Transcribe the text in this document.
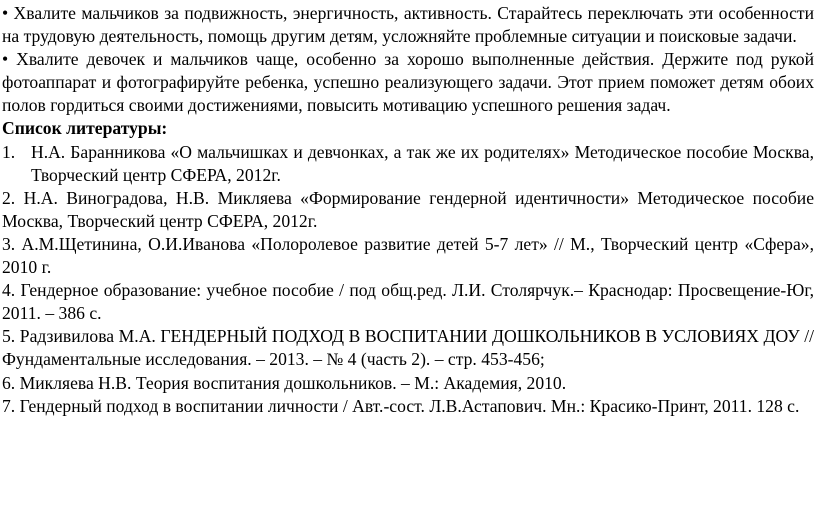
• Хвалите мальчиков за подвижность, энергичность, активность. Старайтесь переключать эти особенности на трудовую деятельность, помощь другим детям, усложняйте проблемные ситуации и поисковые задачи.

• Хвалите девочек и мальчиков чаще, особенно за хорошо выполненные действия. Держите под рукой фотоаппарат и фотографируйте ребенка, успешно реализующего задачи. Этот прием поможет детям обоих полов гордиться своими достижениями, повысить мотивацию успешного решения задач.

Список литературы:

1. Н.А. Баранникова «О мальчишках и девчонках, а так же их родителях» Методическое пособие Москва, Творческий центр СФЕРА, 2012г.

2. Н.А. Виноградова, Н.В. Микляева «Формирование гендерной идентичности» Методическое пособие Москва, Творческий центр СФЕРА, 2012г.

3. А.М.Щетинина, О.И.Иванова «Полоролевое развитие детей 5-7 лет» // М., Творческий центр «Сфера», 2010 г.

4. Гендерное образование: учебное пособие / под общ.ред. Л.И. Столярчук.– Краснодар: Просвещение-Юг, 2011. – 386 с.

5. Радзивилова М.А. ГЕНДЕРНЫЙ ПОДХОД В ВОСПИТАНИИ ДОШКОЛЬНИКОВ В УСЛОВИЯХ ДОУ // Фундаментальные исследования. – 2013. – № 4 (часть 2). – стр. 453-456;

6. Микляева Н.В. Теория воспитания дошкольников. – М.: Академия, 2010.

7. Гендерный подход в воспитании личности / Авт.-сост. Л.В.Астапович. Мн.: Красико-Принт, 2011. 128 с.
